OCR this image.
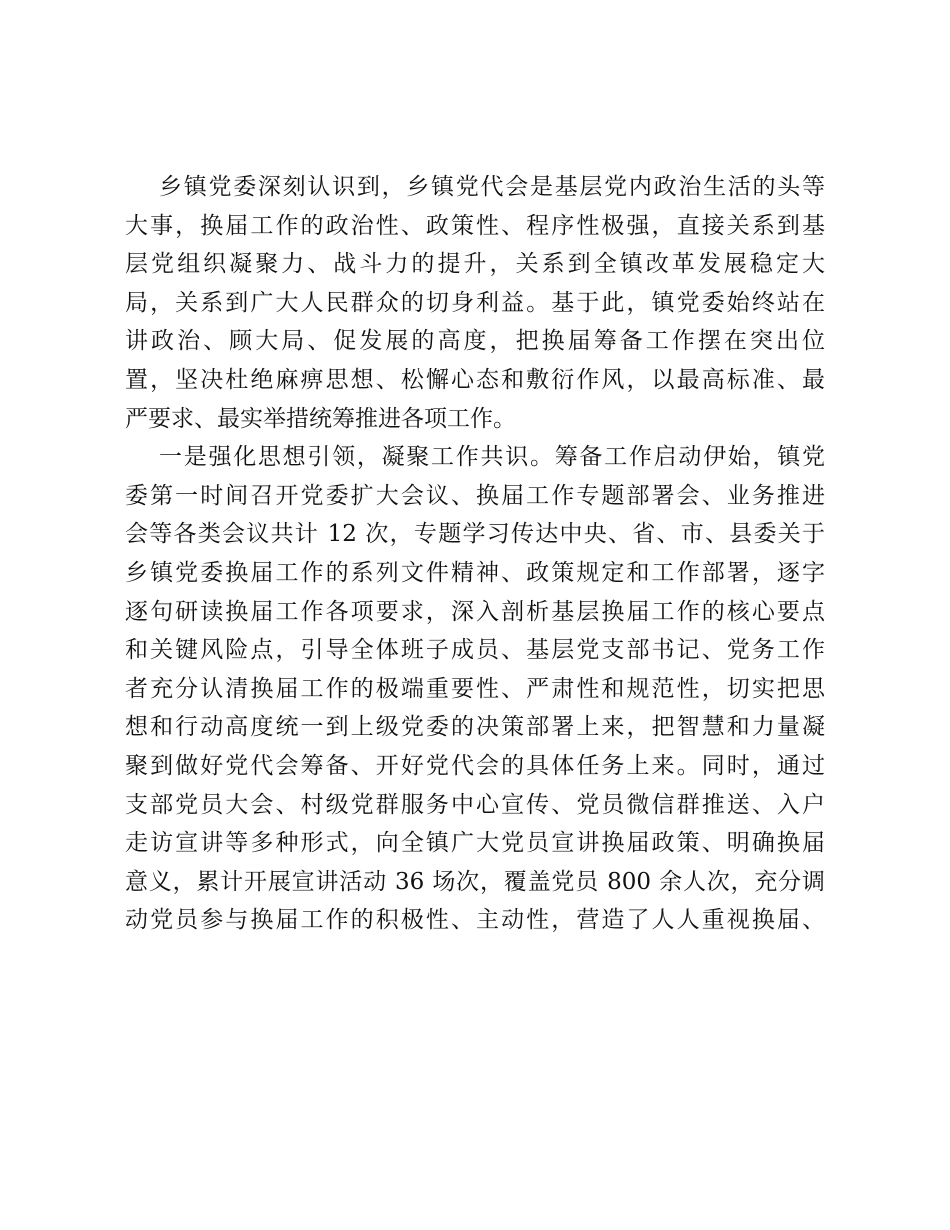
乡镇党委深刻认识到，乡镇党代会是基层党内政治生活的头等
大事，换届工作的政治性、政策性、程序性极强，直接关系到基
层党组织凝聚力、战斗力的提升，关系到全镇改革发展稳定大
局，关系到广大人民群众的切身利益。基于此，镇党委始终站在
讲政治、顾大局、促发展的高度，把换届筹备工作摆在突出位
置，坚决杜绝麻痹思想、松懈心态和敷衍作风，以最高标准、最
严要求、最实举措统筹推进各项工作。
一是强化思想引领，凝聚工作共识。筹备工作启动伊始，镇党
委第一时间召开党委扩大会议、换届工作专题部署会、业务推进
会等各类会议共计 12 次，专题学习传达中央、省、市、县委关于
乡镇党委换届工作的系列文件精神、政策规定和工作部署，逐字
逐句研读换届工作各项要求，深入剖析基层换届工作的核心要点
和关键风险点，引导全体班子成员、基层党支部书记、党务工作
者充分认清换届工作的极端重要性、严肃性和规范性，切实把思
想和行动高度统一到上级党委的决策部署上来，把智慧和力量凝
聚到做好党代会筹备、开好党代会的具体任务上来。同时，通过
支部党员大会、村级党群服务中心宣传、党员微信群推送、入户
走访宣讲等多种形式，向全镇广大党员宣讲换届政策、明确换届
意义，累计开展宣讲活动 36 场次，覆盖党员 800 余人次，充分调
动党员参与换届工作的积极性、主动性，营造了人人重视换届、
